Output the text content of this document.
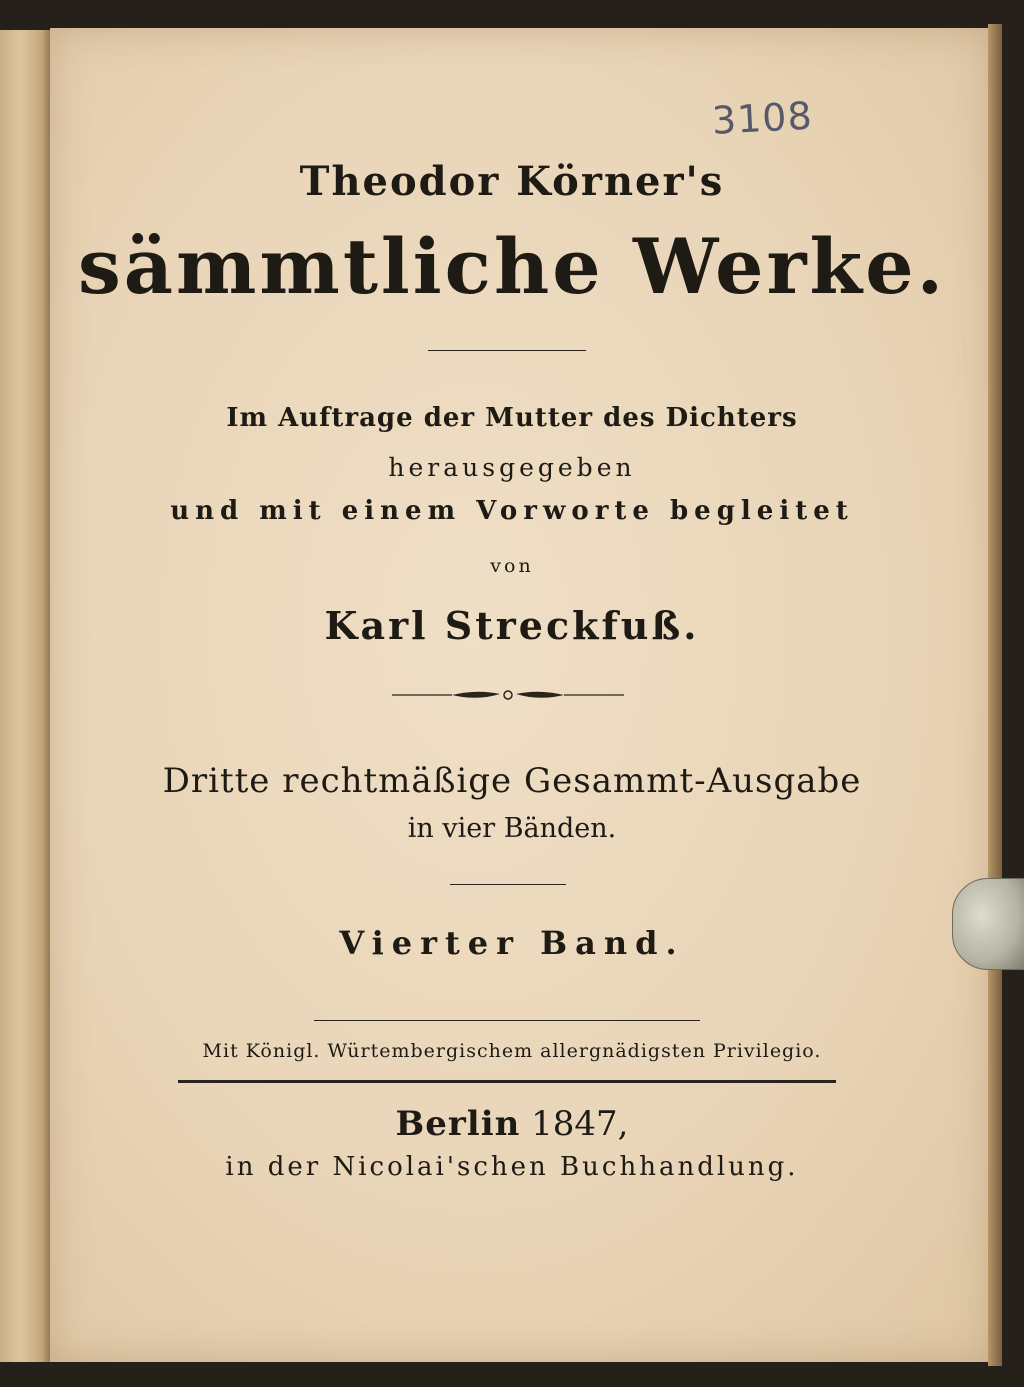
3108
Theodor Körner's
sämmtliche Werke.
Im Auftrage der Mutter des Dichters
herausgegeben
und mit einem Vorworte begleitet
von
Karl Streckfuß.
Dritte rechtmäßige Gesammt-Ausgabe
in vier Bänden.
Vierter Band.
Mit Königl. Würtembergischem allergnädigsten Privilegio.
Berlin 1847,
in der Nicolai'schen Buchhandlung.
